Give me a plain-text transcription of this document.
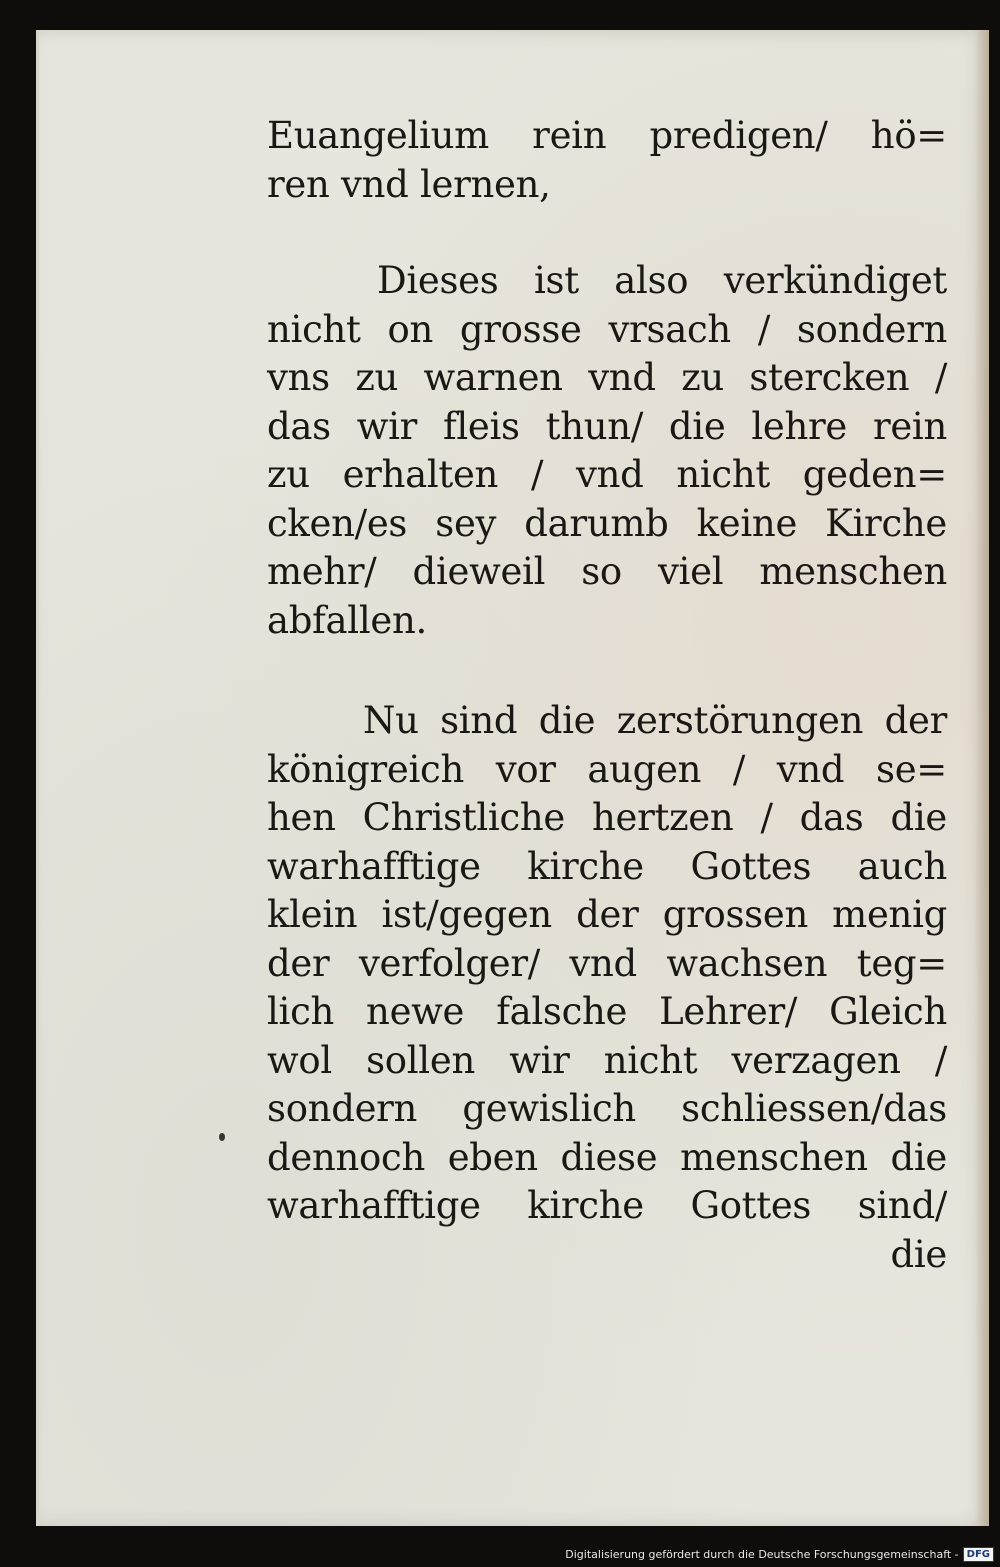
Euangelium rein predigen/ hö=
ren vnd lernen,
Dieses ist also verkündiget
nicht on grosse vrsach / sondern
vns zu warnen vnd zu stercken /
das wir fleis thun/ die lehre rein
zu erhalten / vnd nicht geden=
cken/es sey darumb keine Kirche
mehr/ dieweil so viel menschen
abfallen.
Nu sind die zerstörungen der
königreich vor augen / vnd se=
hen Christliche hertzen / das die
warhafftige kirche Gottes auch
klein ist/gegen der grossen menig
der verfolger/ vnd wachsen teg=
lich newe falsche Lehrer/ Gleich
wol sollen wir nicht verzagen /
sondern gewislich schliessen/das
dennoch eben diese menschen die
warhafftige kirche Gottes sind/
die
Digitalisierung gefördert durch die Deutsche Forschungsgemeinschaft - DFG
